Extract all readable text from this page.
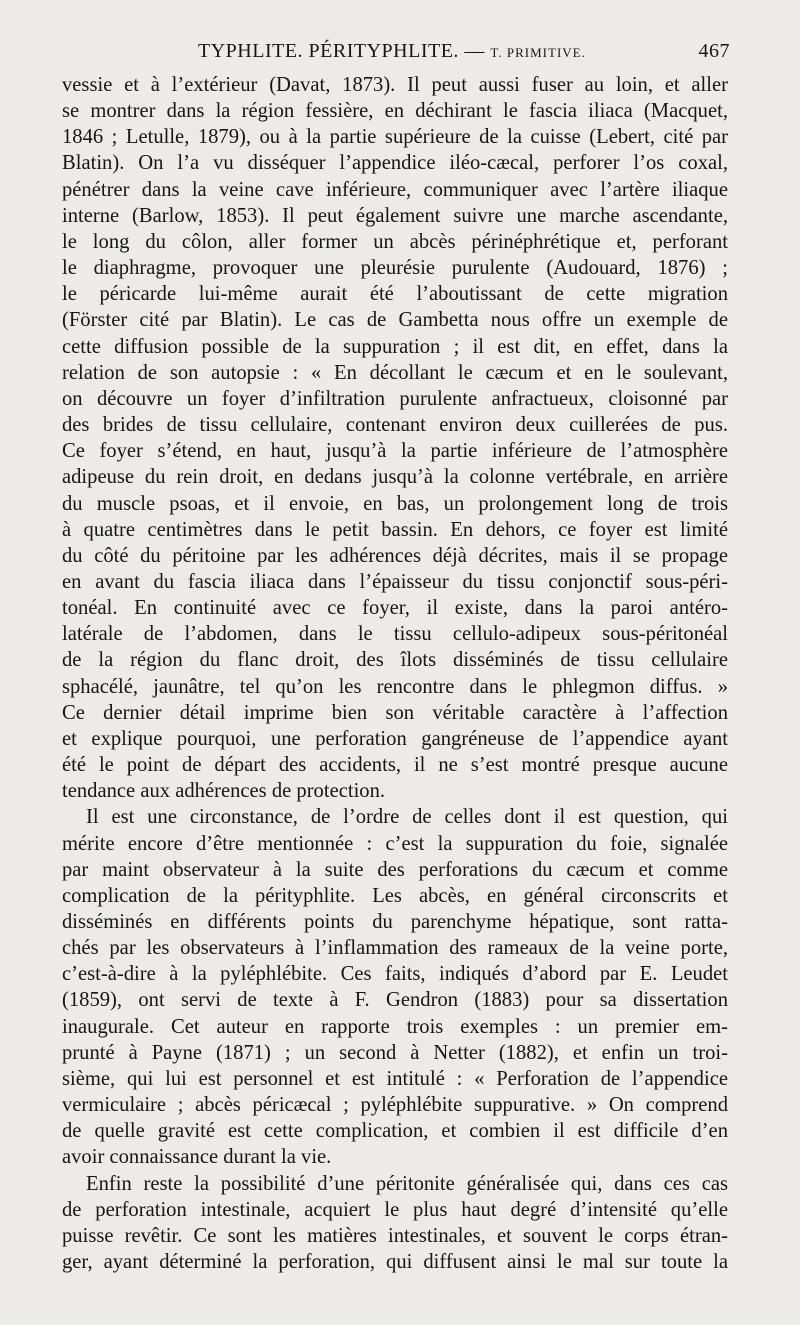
TYPHLITE. PÉRITYPHLITE. — T. PRIMITIVE.	467

vessie et à l’extérieur (Davat, 1873). Il peut aussi fuser au loin, et aller

se montrer dans la région fessière, en déchirant le fascia iliaca (Macquet,

1846 ; Letulle, 1879), ou à la partie supérieure de la cuisse (Lebert, cité par

Blatin). On l’a vu disséquer l’appendice iléo-cæcal, perforer l’os coxal,

pénétrer dans la veine cave inférieure, communiquer avec l’artère iliaque

interne (Barlow, 1853). Il peut également suivre une marche ascendante,

le long du côlon, aller former un abcès périnéphrétique et, perforant

le diaphragme, provoquer une pleurésie purulente (Audouard, 1876) ;

le péricarde lui-même aurait été l’aboutissant de cette migration

(Förster cité par Blatin). Le cas de Gambetta nous offre un exemple de

cette diffusion possible de la suppuration ; il est dit, en effet, dans la

relation de son autopsie : « En décollant le cæcum et en le soulevant,

on découvre un foyer d’infiltration purulente anfractueux, cloisonné par

des brides de tissu cellulaire, contenant environ deux cuillerées de pus.

Ce foyer s’étend, en haut, jusqu’à la partie inférieure de l’atmosphère

adipeuse du rein droit, en dedans jusqu’à la colonne vertébrale, en arrière

du muscle psoas, et il envoie, en bas, un prolongement long de trois

à quatre centimètres dans le petit bassin. En dehors, ce foyer est limité

du côté du péritoine par les adhérences déjà décrites, mais il se propage

en avant du fascia iliaca dans l’épaisseur du tissu conjonctif sous-péri-

tonéal. En continuité avec ce foyer, il existe, dans la paroi antéro-

latérale de l’abdomen, dans le tissu cellulo-adipeux sous-péritonéal

de la région du flanc droit, des îlots disséminés de tissu cellulaire

sphacélé, jaunâtre, tel qu’on les rencontre dans le phlegmon diffus. »

Ce dernier détail imprime bien son véritable caractère à l’affection

et explique pourquoi, une perforation gangréneuse de l’appendice ayant

été le point de départ des accidents, il ne s’est montré presque aucune

tendance aux adhérences de protection.

Il est une circonstance, de l’ordre de celles dont il est question, qui

mérite encore d’être mentionnée : c’est la suppuration du foie, signalée

par maint observateur à la suite des perforations du cæcum et comme

complication de la pérityphlite. Les abcès, en général circonscrits et

disséminés en différents points du parenchyme hépatique, sont ratta-

chés par les observateurs à l’inflammation des rameaux de la veine porte,

c’est-à-dire à la pyléphlébite. Ces faits, indiqués d’abord par E. Leudet

(1859), ont servi de texte à F. Gendron (1883) pour sa dissertation

inaugurale. Cet auteur en rapporte trois exemples : un premier em-

prunté à Payne (1871) ; un second à Netter (1882), et enfin un troi-

sième, qui lui est personnel et est intitulé : « Perforation de l’appendice

vermiculaire ; abcès péricæcal ; pyléphlébite suppurative. » On comprend

de quelle gravité est cette complication, et combien il est difficile d’en

avoir connaissance durant la vie.

Enfin reste la possibilité d’une péritonite généralisée qui, dans ces cas

de perforation intestinale, acquiert le plus haut degré d’intensité qu’elle

puisse revêtir. Ce sont les matières intestinales, et souvent le corps étran-

ger, ayant déterminé la perforation, qui diffusent ainsi le mal sur toute la
